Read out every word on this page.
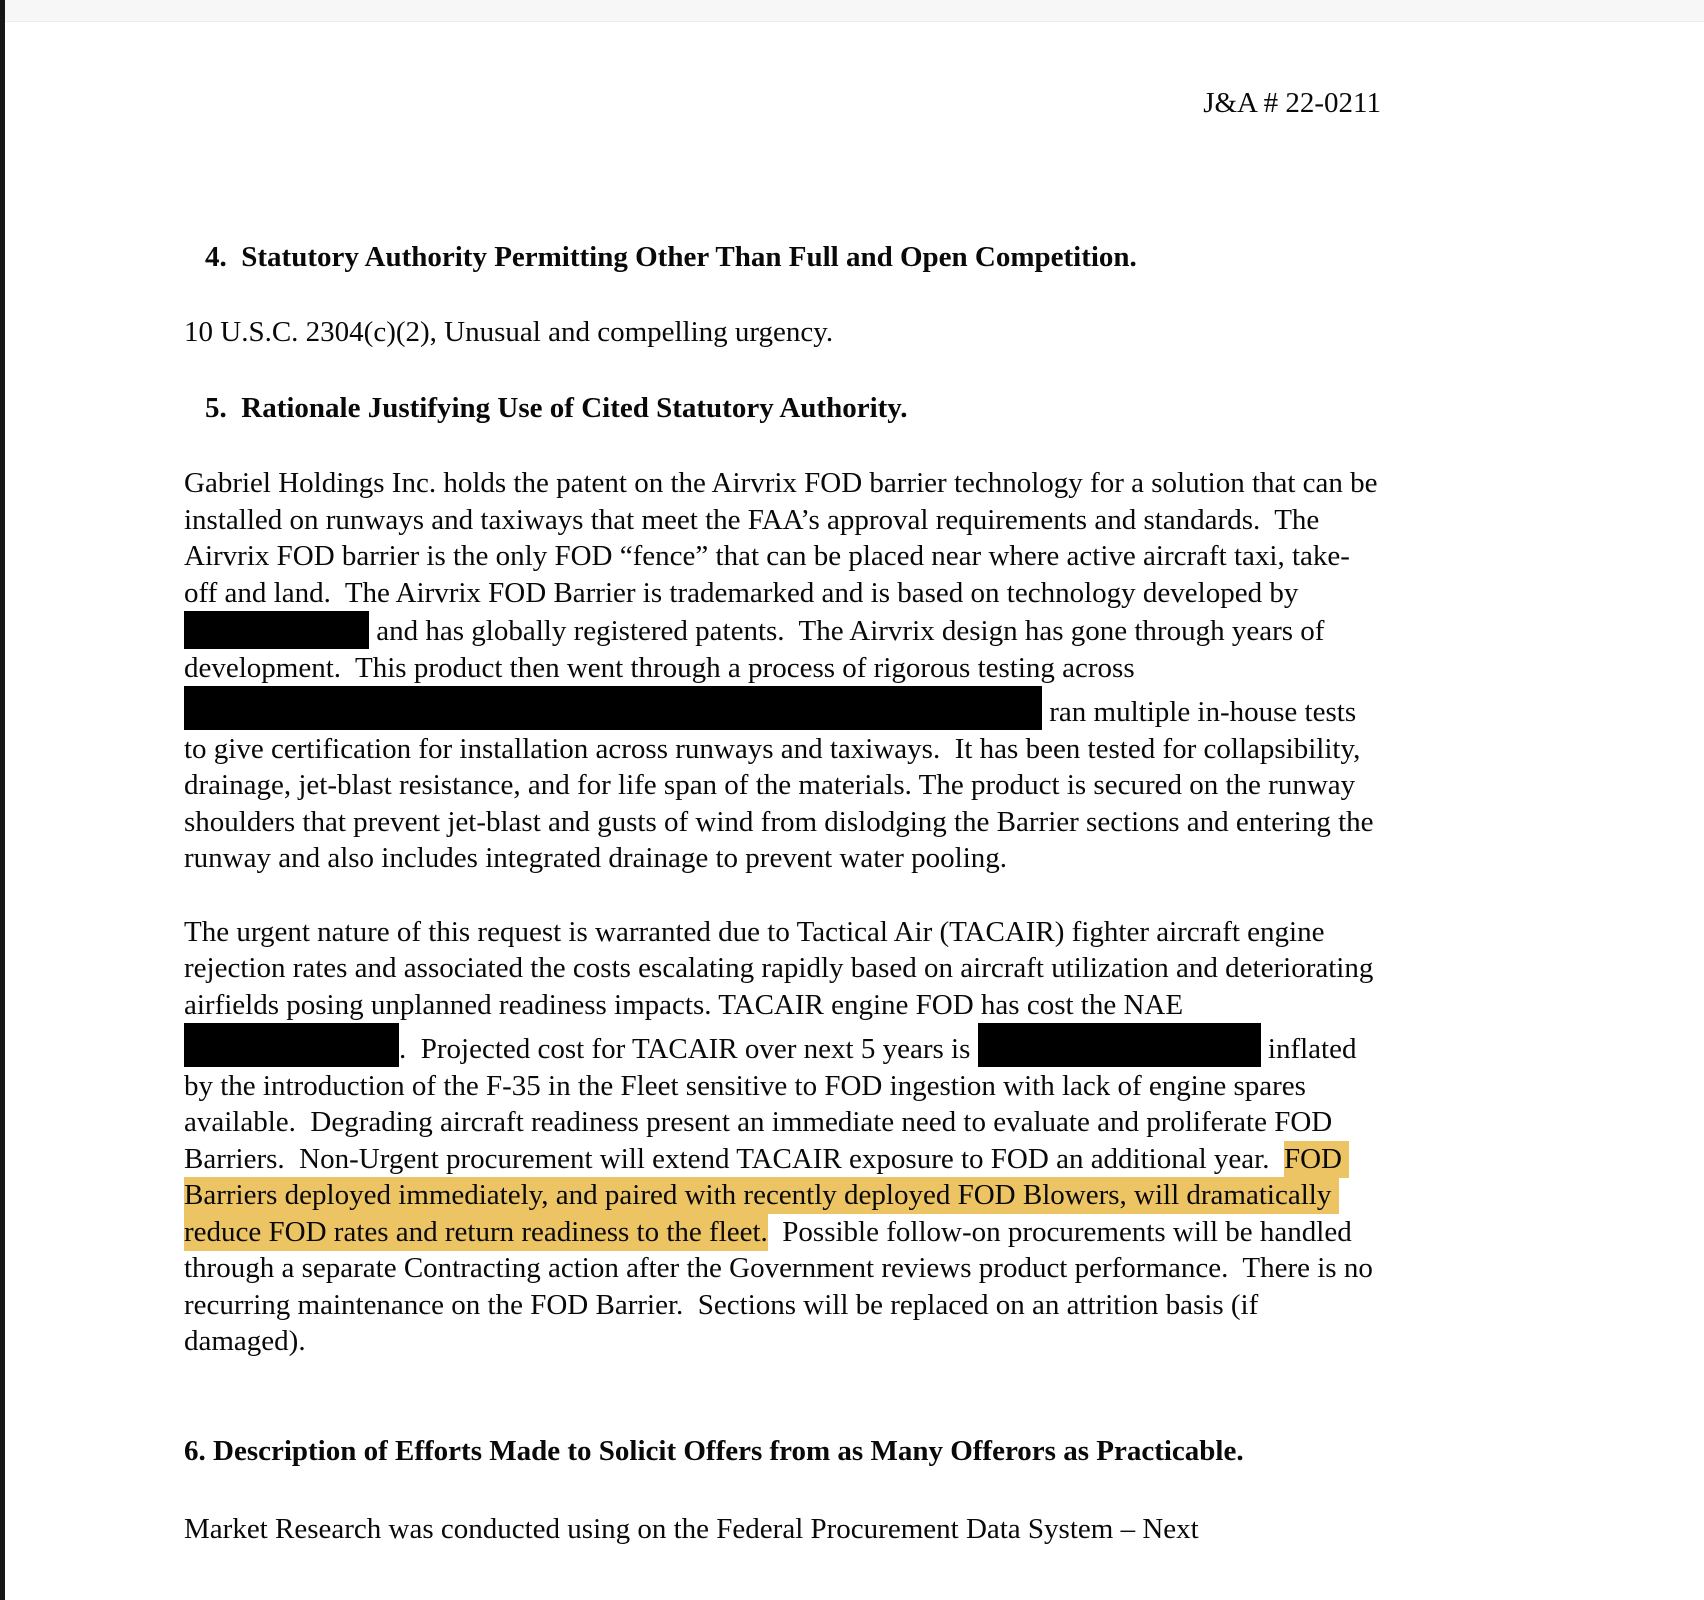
J&A # 22-0211
4.  Statutory Authority Permitting Other Than Full and Open Competition.

10 U.S.C. 2304(c)(2), Unusual and compelling urgency.

5.  Rationale Justifying Use of Cited Statutory Authority.

Gabriel Holdings Inc. holds the patent on the Airvrix FOD barrier technology for a solution that can be installed on runways and taxiways that meet the FAA’s approval requirements and standards.  The Airvrix FOD barrier is the only FOD “fence” that can be placed near where active aircraft taxi, take-off and land.  The Airvrix FOD Barrier is trademarked and is based on technology developed by  and has globally registered patents.  The Airvrix design has gone through years of development.  This product then went through a process of rigorous testing across  ran multiple in-house tests to give certification for installation across runways and taxiways.  It has been tested for collapsibility, drainage, jet-blast resistance, and for life span of the materials. The product is secured on the runway shoulders that prevent jet-blast and gusts of wind from dislodging the Barrier sections and entering the runway and also includes integrated drainage to prevent water pooling.

The urgent nature of this request is warranted due to Tactical Air (TACAIR) fighter aircraft engine rejection rates and associated the costs escalating rapidly based on aircraft utilization and deteriorating airfields posing unplanned readiness impacts. TACAIR engine FOD has cost the NAE .  Projected cost for TACAIR over next 5 years is	inflated by the introduction of the F-35 in the Fleet sensitive to FOD ingestion with lack of engine spares available.  Degrading aircraft readiness present an immediate need to evaluate and proliferate FOD Barriers.  Non-Urgent procurement will extend TACAIR exposure to FOD an additional year.  FOD Barriers deployed immediately, and paired with recently deployed FOD Blowers, will dramatically reduce FOD rates and return readiness to the fleet.  Possible follow-on procurements will be handled through a separate Contracting action after the Government reviews product performance.  There is no recurring maintenance on the FOD Barrier.  Sections will be replaced on an attrition basis (if damaged).

6. Description of Efforts Made to Solicit Offers from as Many Offerors as Practicable.

Market Research was conducted using on the Federal Procurement Data System – Next
